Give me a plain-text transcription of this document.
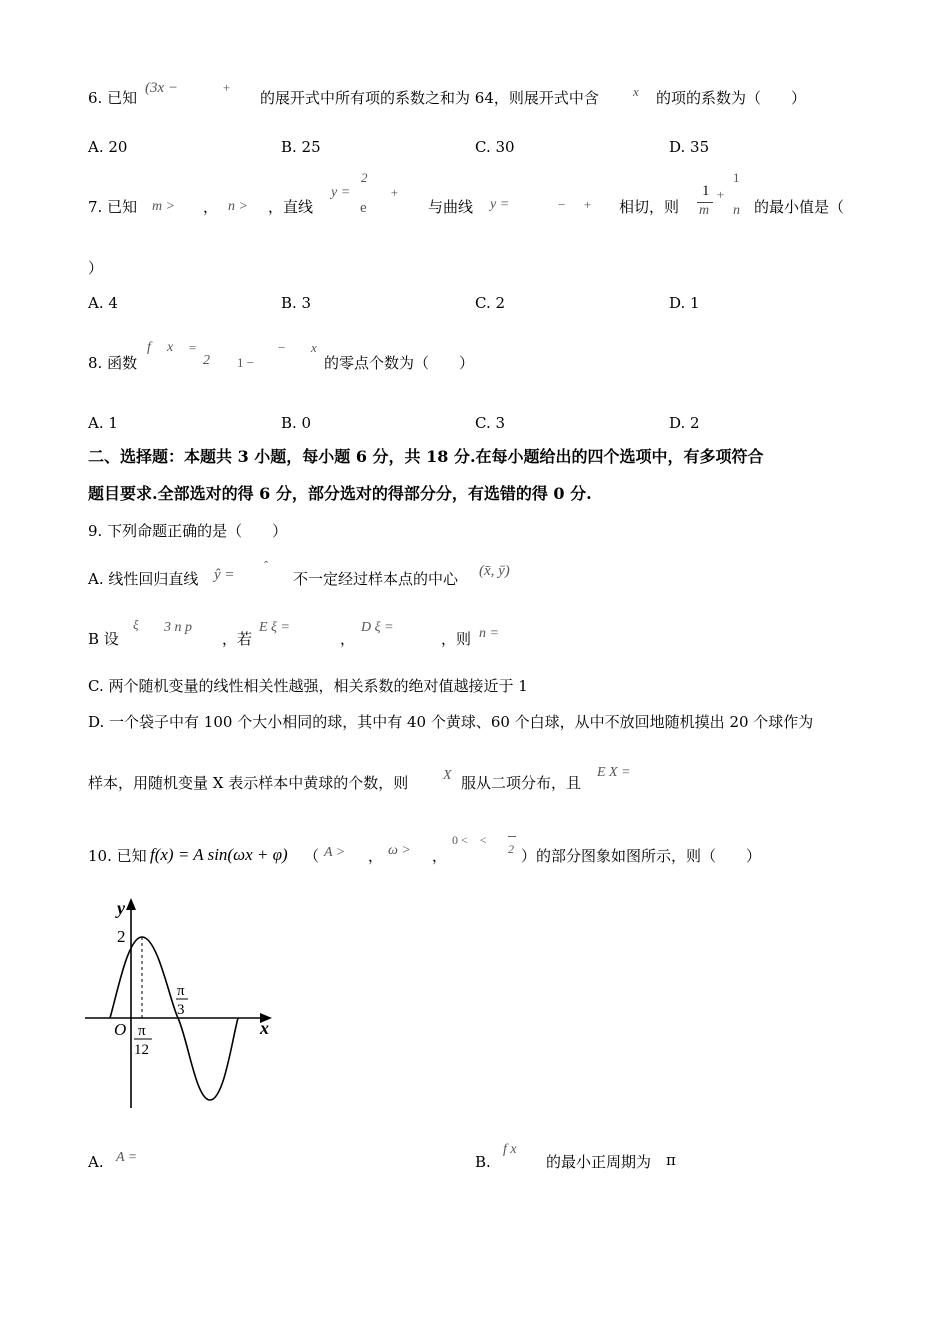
6. 已知
(3x −	+
的展开式中所有项的系数之和为 64，则展开式中含	x 的项的系数为（　　）
A. 20	B. 25	C. 30	D. 35
7. 已知 m > ， n > ，直线
y =
2
e
+
与曲线 y =	− + 相切，则
1
m
+
1
n 的最小值是（
）
A. 4	B. 3	C. 2	D. 1
8. 函数
f x =
2 1 −
− x
的零点个数为（　　）
A. 1	B. 0	C. 3	D. 2
二、选择题：本题共 3 小题，每小题 6 分，共 18 分.在每小题给出的四个选项中，有多项符合
题目要求.全部选对的得 6 分，部分选对的得部分分，有选错的得 0 分.
9. 下列命题正确的是（　　）
A. 线性回归直线 ŷ =
ˆ
不一定经过样本点的中心 (x̄, ȳ)
B 设
ξ 3 n p
，若
E ξ =
，
D ξ =
，则 n =
C. 两个随机变量的线性相关性越强，相关系数的绝对值越接近于 1
D. 一个袋子中有 100 个大小相同的球，其中有 40 个黄球、60 个白球，从中不放回地随机摸出 20 个球作为
样本，用随机变量 X 表示样本中黄球的个数，则 X 服从二项分布，且
E X =
10. 已知 f(x) = A sin(ωx + φ) （ A > ， ω > ，
0 <　<
2 ）的部分图象如图所示，则（　　）
y
x
O
2
π
3
π
12
A. A =	B.
f x
的最小正周期为 π
